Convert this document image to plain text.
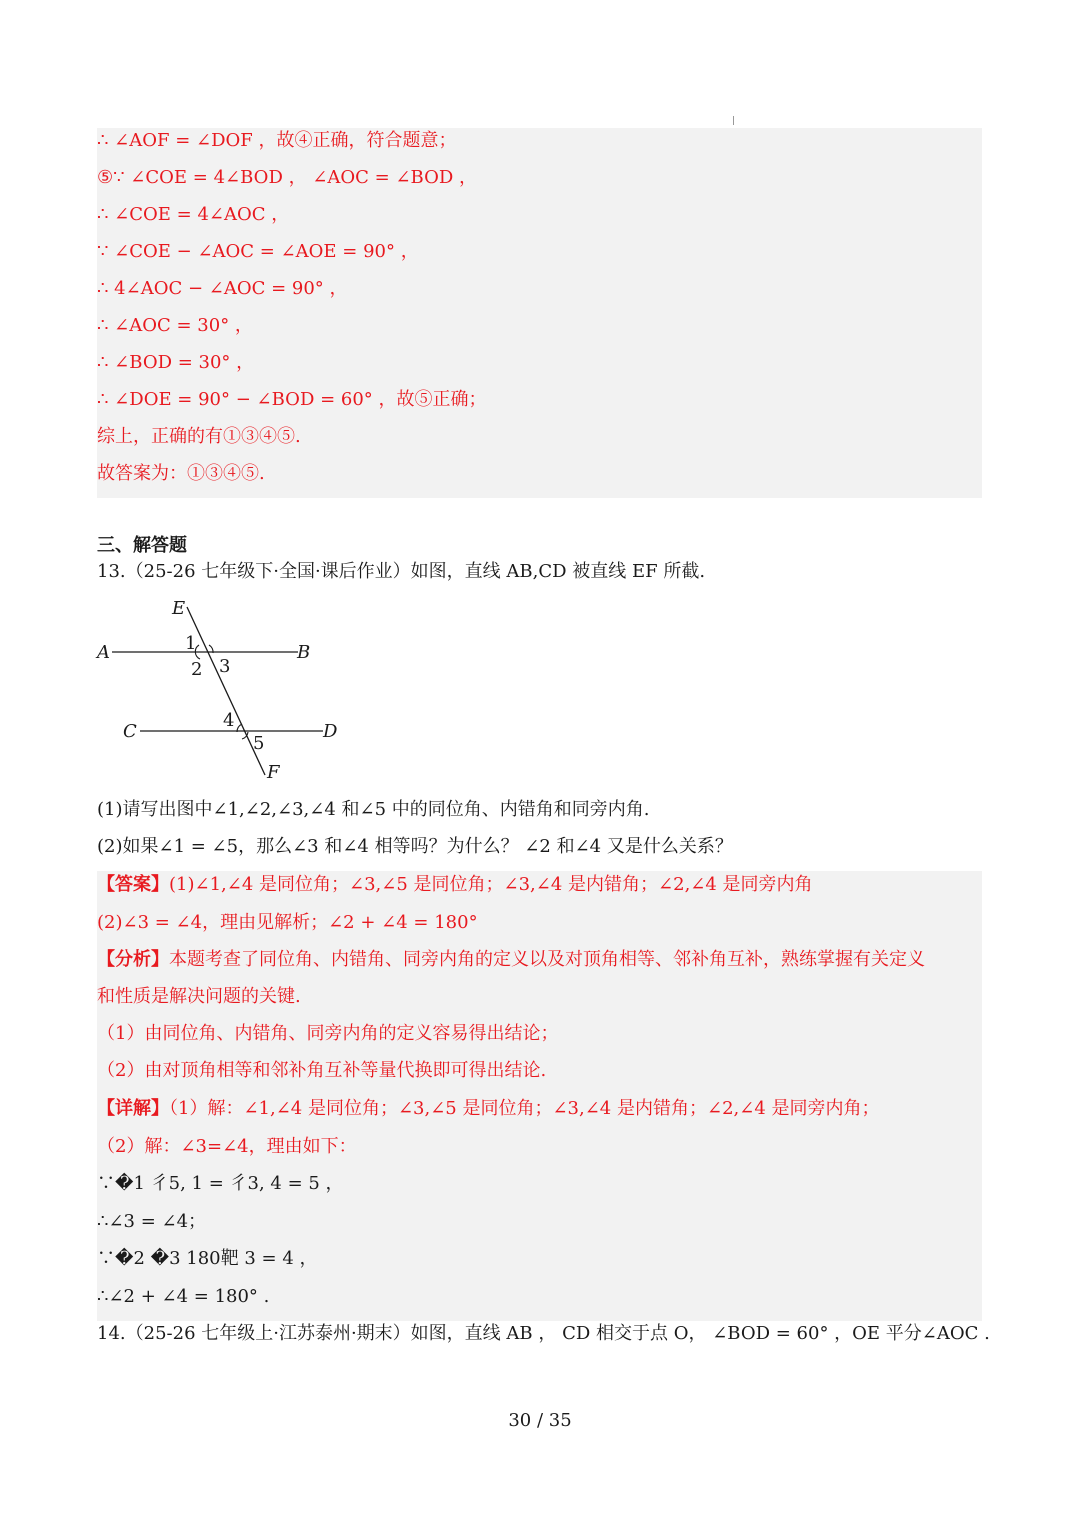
∴ ∠AOF = ∠DOF ，故④正确，符合题意；
⑤∵ ∠COE = 4∠BOD ， ∠AOC = ∠BOD ，
∴ ∠COE = 4∠AOC ，
∵ ∠COE − ∠AOC = ∠AOE = 90° ，
∴ 4∠AOC − ∠AOC = 90° ，
∴ ∠AOC = 30° ，
∴ ∠BOD = 30° ，
∴ ∠DOE = 90° − ∠BOD = 60° ，故⑤正确；
综上，正确的有①③④⑤.
故答案为：①③④⑤.
三、解答题
13.（25-26 七年级下·全国·课后作业）如图，直线 AB,CD 被直线 EF 所截.
E
A	B
C	D
F
1
2 3
4
5
(1)请写出图中∠1,∠2,∠3,∠4 和∠5 中的同位角、内错角和同旁内角.
(2)如果∠1 = ∠5，那么∠3 和∠4 相等吗？为什么？ ∠2 和∠4 又是什么关系？
【答案】(1)∠1,∠4 是同位角；∠3,∠5 是同位角；∠3,∠4 是内错角；∠2,∠4 是同旁内角
(2)∠3 = ∠4，理由见解析；∠2 + ∠4 = 180°
【分析】本题考查了同位角、内错角、同旁内角的定义以及对顶角相等、邻补角互补，熟练掌握有关定义
和性质是解决问题的关键.
（1）由同位角、内错角、同旁内角的定义容易得出结论；
（2）由对顶角相等和邻补角互补等量代换即可得出结论.
【详解】（1）解：∠1,∠4 是同位角；∠3,∠5 是同位角；∠3,∠4 是内错角；∠2,∠4 是同旁内角；
（2）解：∠3=∠4，理由如下：
∵�1 彳5, 1 = 彳3, 4 = 5 ，
∴∠3 = ∠4；
∵�2 �3 180靶 3 = 4 ，
∴∠2 + ∠4 = 180° .
14.（25-26 七年级上·江苏泰州·期末）如图，直线 AB ， CD 相交于点 O， ∠BOD = 60° ，OE 平分∠AOC .
30 / 35
